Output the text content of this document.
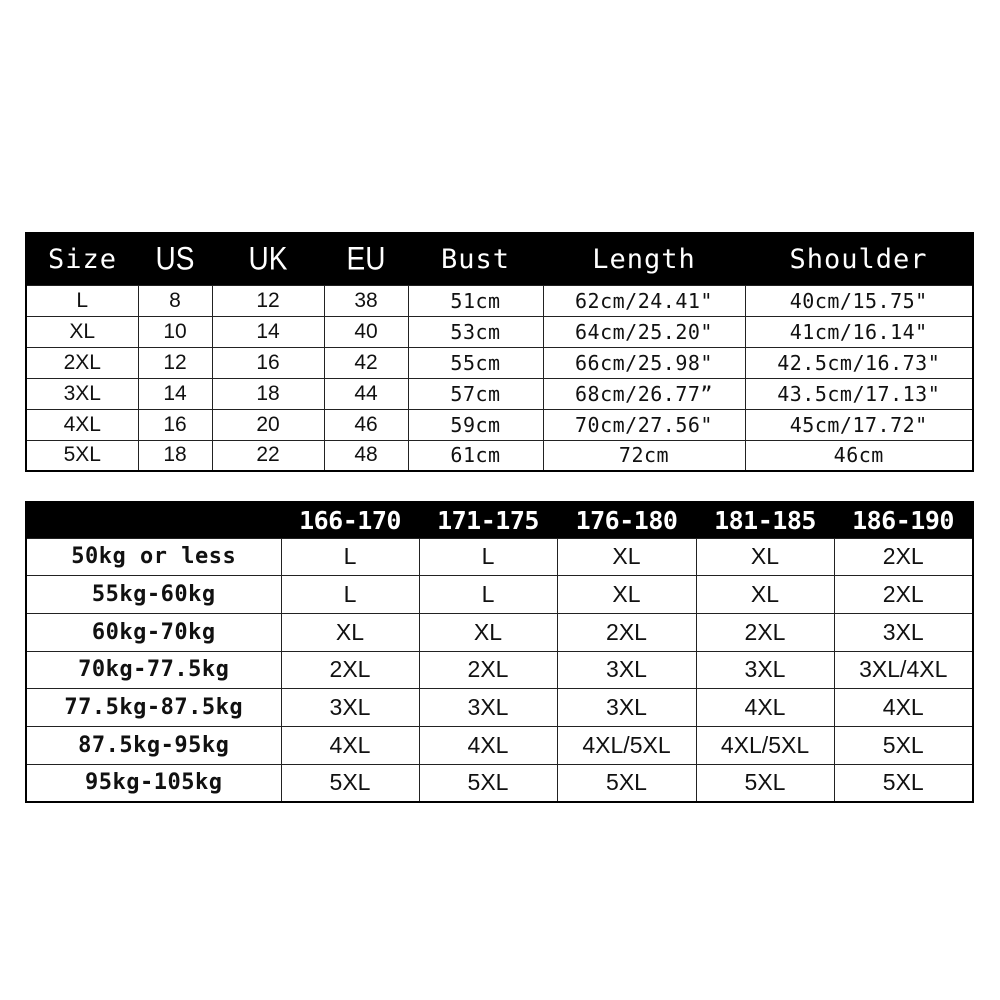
Size	US	UK	EU	Bust	Length	Shoulder
L	8	12	38	51cm	62cm/24.41"	40cm/15.75"
XL	10	14	40	53cm	64cm/25.20"	41cm/16.14"
2XL	12	16	42	55cm	66cm/25.98"	42.5cm/16.73"
3XL	14	18	44	57cm	68cm/26.77”	43.5cm/17.13"
4XL	16	20	46	59cm	70cm/27.56"	45cm/17.72"
5XL	18	22	48	61cm	72cm	46cm
	166-170	171-175	176-180	181-185	186-190
50kg or less	L	L	XL	XL	2XL
55kg-60kg	L	L	XL	XL	2XL
60kg-70kg	XL	XL	2XL	2XL	3XL
70kg-77.5kg	2XL	2XL	3XL	3XL	3XL/4XL
77.5kg-87.5kg	3XL	3XL	3XL	4XL	4XL
87.5kg-95kg	4XL	4XL	4XL/5XL	4XL/5XL	5XL
95kg-105kg	5XL	5XL	5XL	5XL	5XL
